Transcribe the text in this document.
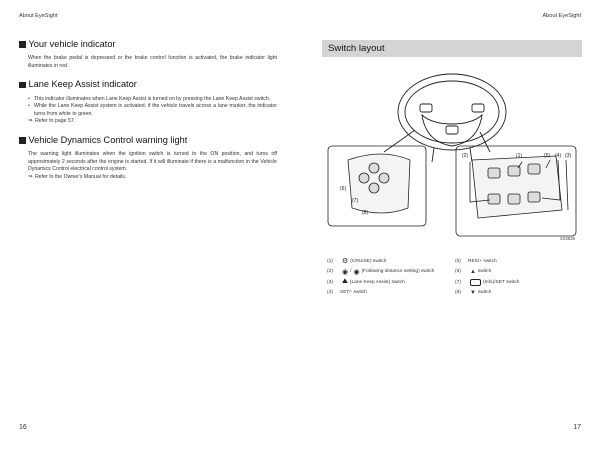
About EyeSight	About EyeSight
Your vehicle indicator

When the brake pedal is depressed or the brake control function is activated, the brake indicator light illuminates in red.

Lane Keep Assist indicator

• This indicator illuminates when Lane Keep Assist is turned on by pressing the Lane Keep Assist switch.

• While the Lane Keep Assist system is activated, if the vehicle travels across a lane marker, the indicator turns from white to green.

⇒ Refer to page 57.

Vehicle Dynamics Control warning light

The warning light illuminates when the ignition switch is turned to the ON position, and turns off approximately 2 seconds after the engine is started. If it will illuminate if there is a malfunction in the Vehicle Dynamics Control electrical control system.

⇒ Refer to the Owner's Manual for details.

Switch layout
(2)	(1)	(5) (4) (3)
(6)
(7)
(8)
SS2835
(1)	⚙ (CRUISE) switch	(5)	RES/+ switch
(2)	◉ / ◉ (Following distance setting) switch	(6)	▲ switch
(3)	⛰ (Lane Keep Assist) switch	(7)	(Info)/SET switch
(4)	SET/- switch	(8)	▼ switch
16	17
